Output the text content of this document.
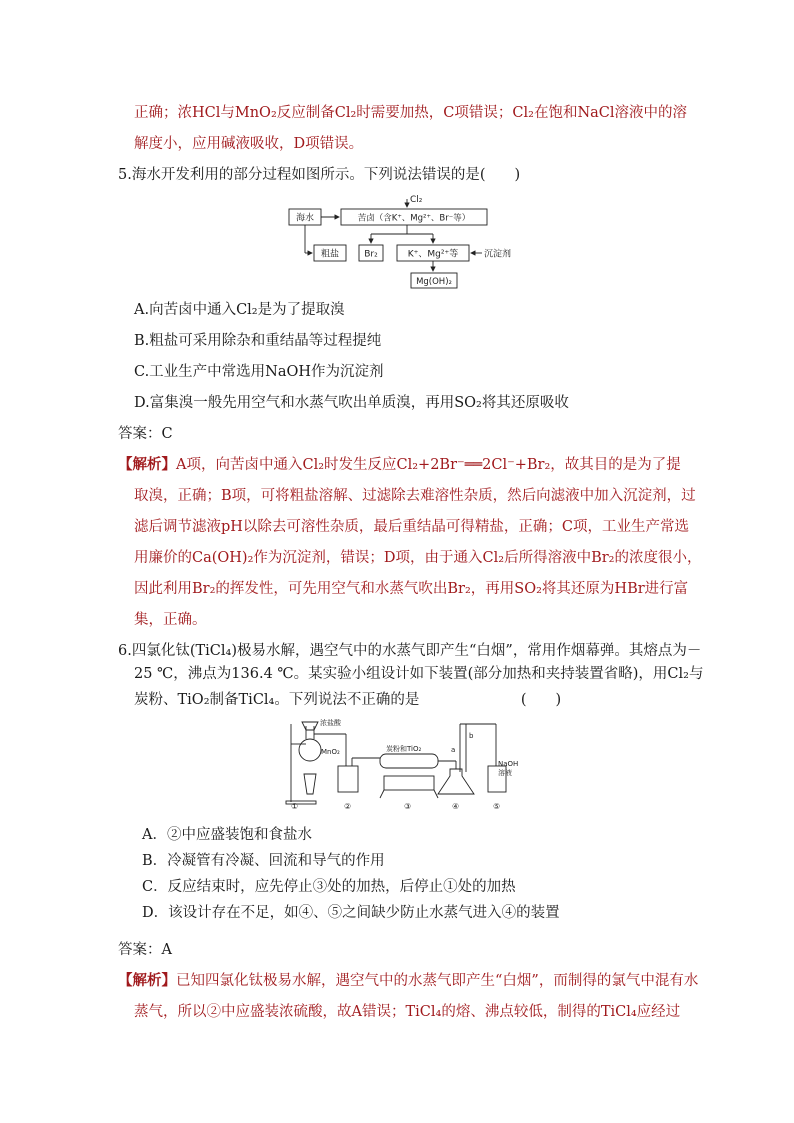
正确；浓HCl与MnO₂反应制备Cl₂时需要加热，C项错误；Cl₂在饱和NaCl溶液中的溶
解度小，应用碱液吸收，D项错误。
5.海水开发利用的部分过程如图所示。下列说法错误的是(　　)
Cl₂
海水	苦卤（含K⁺、Mg²⁺、Br⁻等）
粗盐	Br₂	K⁺、Mg²⁺等	沉淀剂
Mg(OH)₂
A.向苦卤中通入Cl₂是为了提取溴
B.粗盐可采用除杂和重结晶等过程提纯
C.工业生产中常选用NaOH作为沉淀剂
D.富集溴一般先用空气和水蒸气吹出单质溴，再用SO₂将其还原吸收
答案：C
【解析】A项，向苦卤中通入Cl₂时发生反应Cl₂+2Br⁻══2Cl⁻+Br₂，故其目的是为了提
取溴，正确；B项，可将粗盐溶解、过滤除去难溶性杂质，然后向滤液中加入沉淀剂，过
滤后调节滤液pH以除去可溶性杂质，最后重结晶可得精盐，正确；C项，工业生产常选
用廉价的Ca(OH)₂作为沉淀剂，错误；D项，由于通入Cl₂后所得溶液中Br₂的浓度很小，
因此利用Br₂的挥发性，可先用空气和水蒸气吹出Br₂，再用SO₂将其还原为HBr进行富
集，正确。
6.四氯化钛(TiCl₄)极易水解，遇空气中的水蒸气即产生“白烟”，常用作烟幕弹。其熔点为－
25 ℃，沸点为136.4 ℃。某实验小组设计如下装置(部分加热和夹持装置省略)，用Cl₂与
炭粉、TiO₂制备TiCl₄。下列说法不正确的是　　　　　　　(　　)
浓盐酸
MnO₂	炭粉和TiO₂	a
b
NaOH
溶液
①	②	③	④	⑤
A．②中应盛装饱和食盐水
B．冷凝管有冷凝、回流和导气的作用
C．反应结束时，应先停止③处的加热，后停止①处的加热
D．该设计存在不足，如④、⑤之间缺少防止水蒸气进入④的装置
答案：A
【解析】已知四氯化钛极易水解，遇空气中的水蒸气即产生“白烟”，而制得的氯气中混有水
蒸气，所以②中应盛装浓硫酸，故A错误；TiCl₄的熔、沸点较低，制得的TiCl₄应经过
